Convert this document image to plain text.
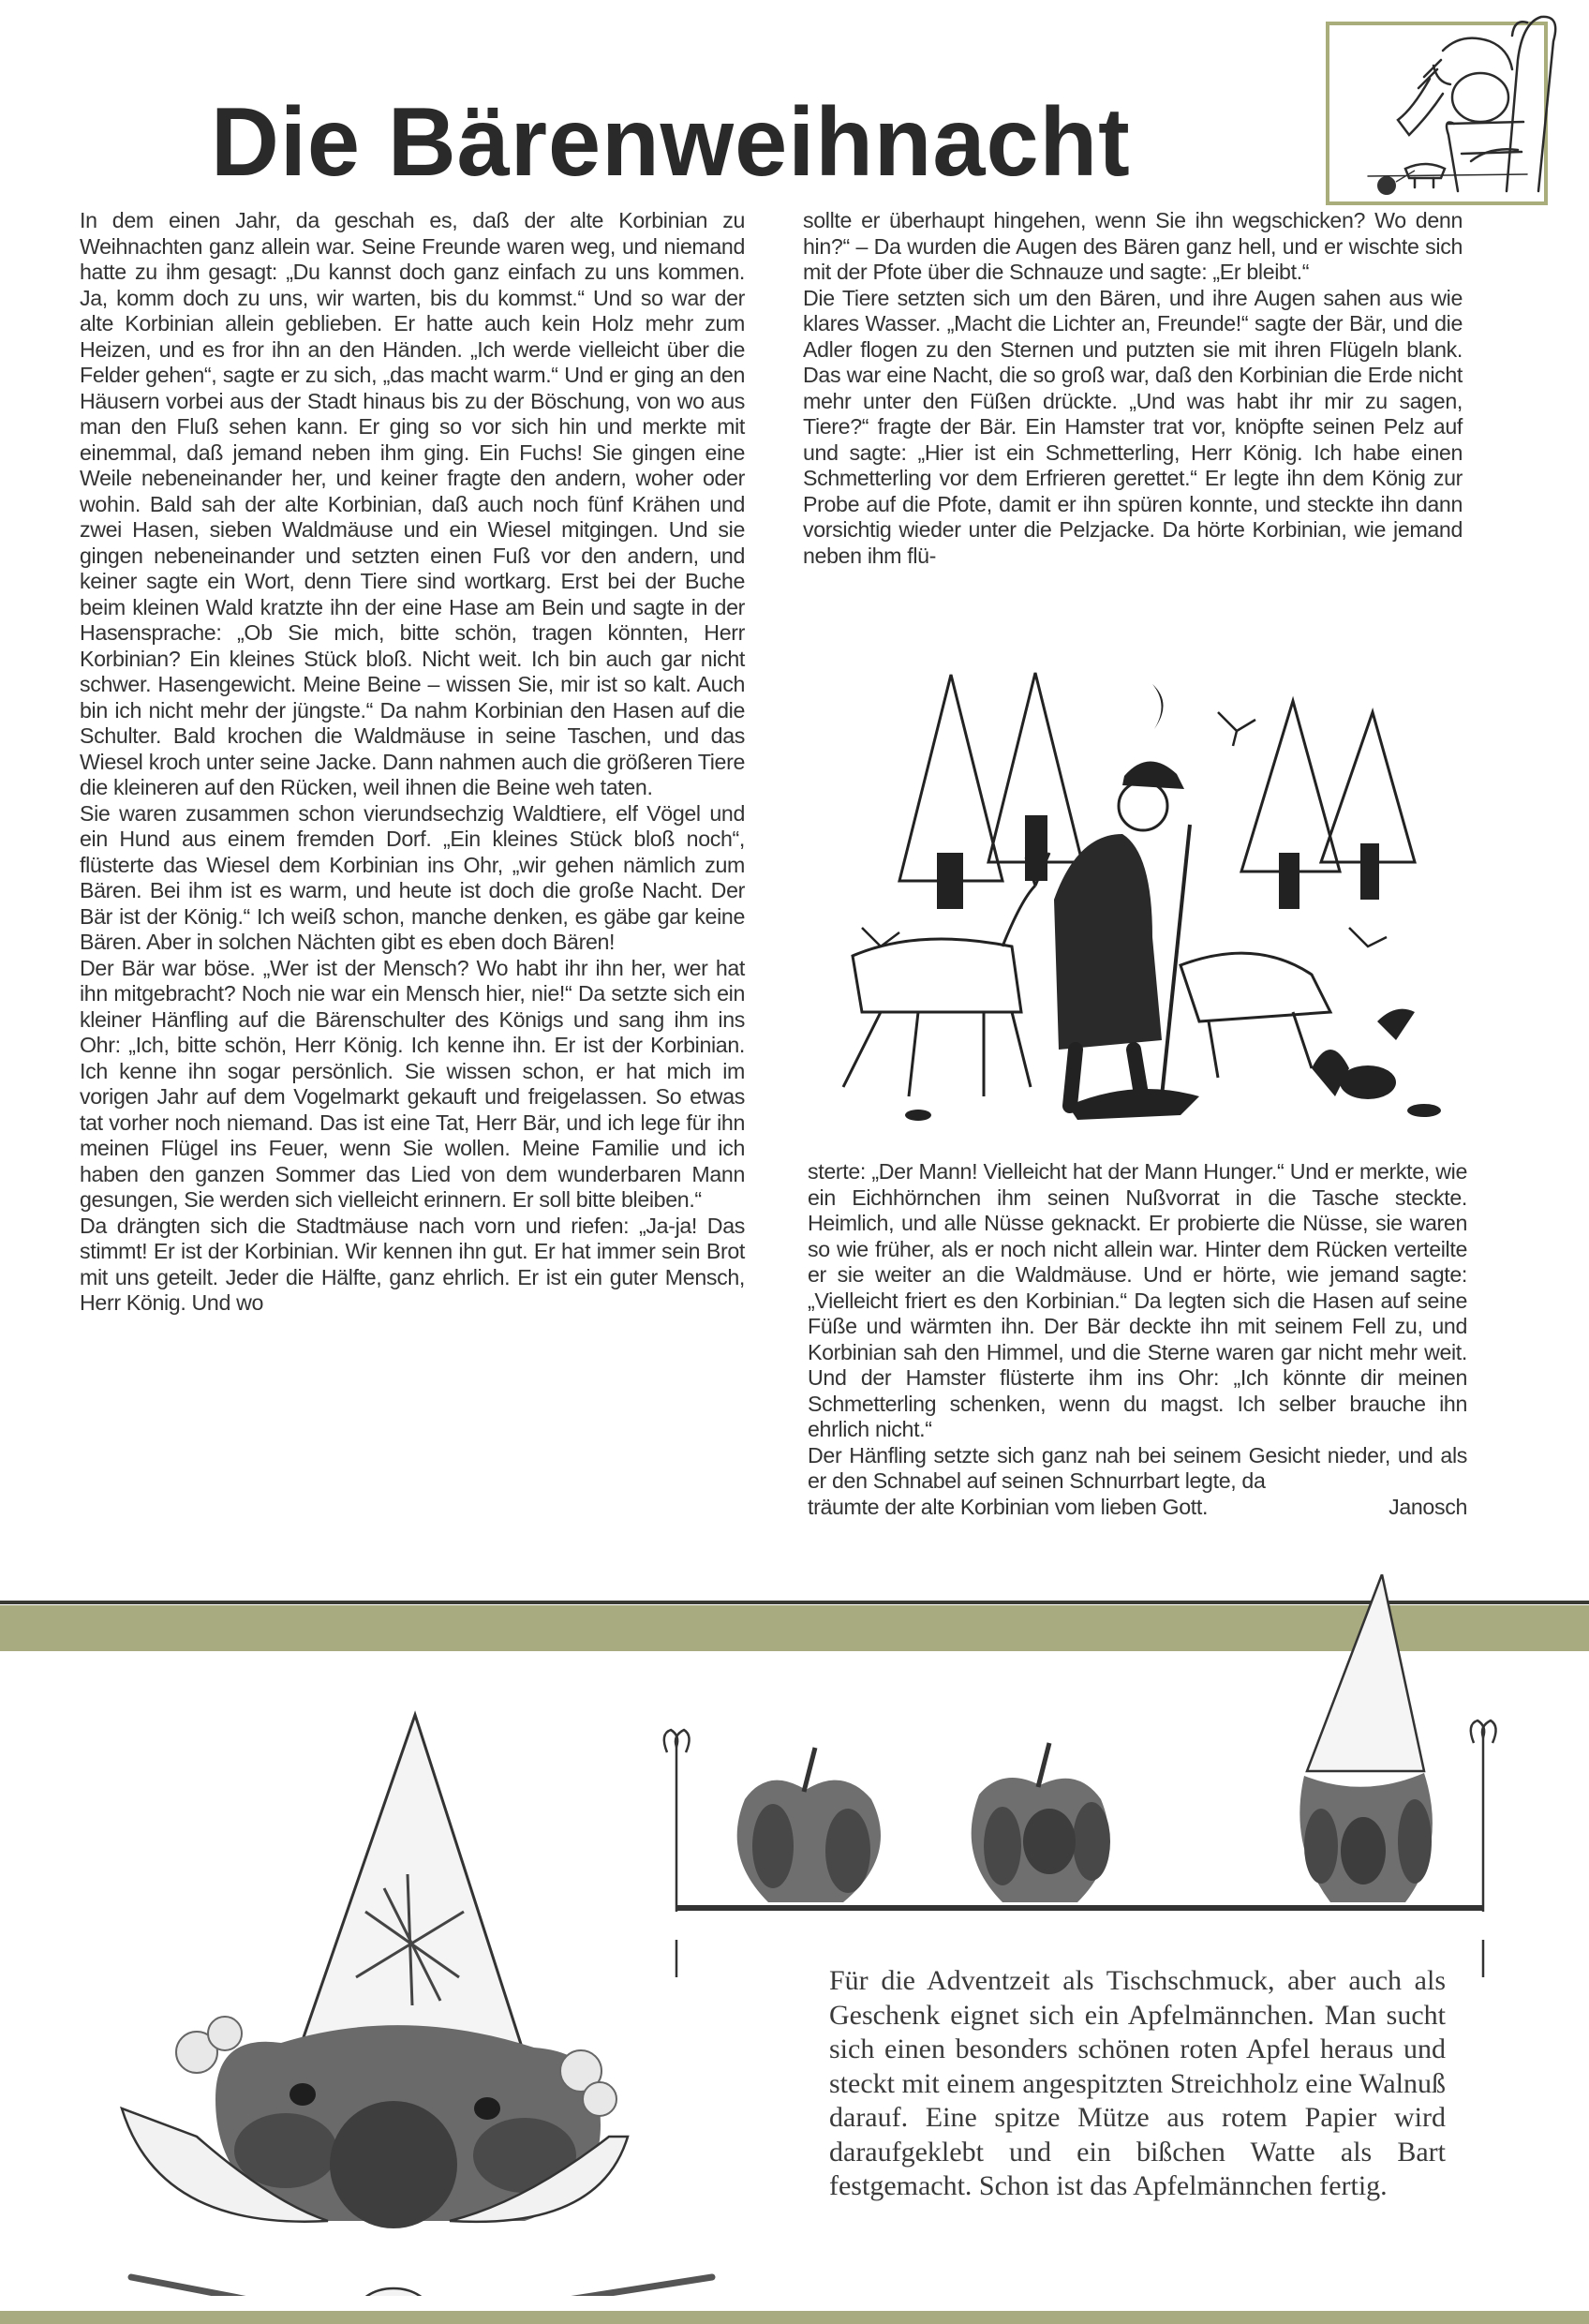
Die Bärenweihnacht

In dem einen Jahr, da geschah es, daß der alte Korbinian zu Weihnachten ganz allein war. Seine Freunde waren weg, und niemand hatte zu ihm gesagt: „Du kannst doch ganz einfach zu uns kommen. Ja, komm doch zu uns, wir warten, bis du kommst.“ Und so war der alte Korbinian allein geblieben. Er hatte auch kein Holz mehr zum Heizen, und es fror ihn an den Händen. „Ich werde vielleicht über die Felder gehen“, sagte er zu sich, „das macht warm.“ Und er ging an den Häusern vorbei aus der Stadt hinaus bis zu der Böschung, von wo aus man den Fluß sehen kann. Er ging so vor sich hin und merkte mit einemmal, daß jemand neben ihm ging. Ein Fuchs! Sie gingen eine Weile nebeneinander her, und keiner fragte den andern, woher oder wohin. Bald sah der alte Korbinian, daß auch noch fünf Krähen und zwei Hasen, sieben Waldmäuse und ein Wiesel mitgingen. Und sie gingen nebeneinander und setzten einen Fuß vor den andern, und keiner sagte ein Wort, denn Tiere sind wortkarg. Erst bei der Buche beim kleinen Wald kratzte ihn der eine Hase am Bein und sagte in der Hasensprache: „Ob Sie mich, bitte schön, tragen könnten, Herr Korbinian? Ein kleines Stück bloß. Nicht weit. Ich bin auch gar nicht schwer. Hasengewicht. Meine Beine – wissen Sie, mir ist so kalt. Auch bin ich nicht mehr der jüngste.“ Da nahm Korbinian den Hasen auf die Schulter. Bald krochen die Waldmäuse in seine Taschen, und das Wiesel kroch unter seine Jacke. Dann nahmen auch die größeren Tiere die kleineren auf den Rücken, weil ihnen die Beine weh taten.

Sie waren zusammen schon vierundsechzig Waldtiere, elf Vögel und ein Hund aus einem fremden Dorf. „Ein kleines Stück bloß noch“, flüsterte das Wiesel dem Korbinian ins Ohr, „wir gehen nämlich zum Bären. Bei ihm ist es warm, und heute ist doch die große Nacht. Der Bär ist der König.“ Ich weiß schon, manche denken, es gäbe gar keine Bären. Aber in solchen Nächten gibt es eben doch Bären!

Der Bär war böse. „Wer ist der Mensch? Wo habt ihr ihn her, wer hat ihn mitgebracht? Noch nie war ein Mensch hier, nie!“ Da setzte sich ein kleiner Hänfling auf die Bärenschulter des Königs und sang ihm ins Ohr: „Ich, bitte schön, Herr König. Ich kenne ihn. Er ist der Korbinian. Ich kenne ihn sogar persönlich. Sie wissen schon, er hat mich im vorigen Jahr auf dem Vogelmarkt gekauft und freigelassen. So etwas tat vorher noch niemand. Das ist eine Tat, Herr Bär, und ich lege für ihn meinen Flügel ins Feuer, wenn Sie wollen. Meine Familie und ich haben den ganzen Sommer das Lied von dem wunderbaren Mann gesungen, Sie werden sich vielleicht erinnern. Er soll bitte bleiben.“

Da drängten sich die Stadtmäuse nach vorn und riefen: „Ja-ja! Das stimmt! Er ist der Korbinian. Wir kennen ihn gut. Er hat immer sein Brot mit uns geteilt. Jeder die Hälfte, ganz ehrlich. Er ist ein guter Mensch, Herr König. Und wo

sollte er überhaupt hingehen, wenn Sie ihn wegschicken? Wo denn hin?“ – Da wurden die Augen des Bären ganz hell, und er wischte sich mit der Pfote über die Schnauze und sagte: „Er bleibt.“

Die Tiere setzten sich um den Bären, und ihre Augen sahen aus wie klares Wasser. „Macht die Lichter an, Freunde!“ sagte der Bär, und die Adler flogen zu den Sternen und putzten sie mit ihren Flügeln blank. Das war eine Nacht, die so groß war, daß den Korbinian die Erde nicht mehr unter den Füßen drückte. „Und was habt ihr mir zu sagen, Tiere?“ fragte der Bär. Ein Hamster trat vor, knöpfte seinen Pelz auf und sagte: „Hier ist ein Schmetterling, Herr König. Ich habe einen Schmetterling vor dem Erfrieren gerettet.“ Er legte ihn dem König zur Probe auf die Pfote, damit er ihn spüren konnte, und steckte ihn dann vorsichtig wieder unter die Pelzjacke. Da hörte Korbinian, wie jemand neben ihm flü-

sterte: „Der Mann! Vielleicht hat der Mann Hunger.“ Und er merkte, wie ein Eichhörnchen ihm seinen Nußvorrat in die Tasche steckte. Heimlich, und alle Nüsse geknackt. Er probierte die Nüsse, sie waren so wie früher, als er noch nicht allein war. Hinter dem Rücken verteilte er sie weiter an die Waldmäuse. Und er hörte, wie jemand sagte: „Vielleicht friert es den Korbinian.“ Da legten sich die Hasen auf seine Füße und wärmten ihn. Der Bär deckte ihn mit seinem Fell zu, und Korbinian sah den Himmel, und die Sterne waren gar nicht mehr weit. Und der Hamster flüsterte ihm ins Ohr: „Ich könnte dir meinen Schmetterling schenken, wenn du magst. Ich selber brauche ihn ehrlich nicht.“

Der Hänfling setzte sich ganz nah bei seinem Gesicht nieder, und als er den Schnabel auf seinen Schnurrbart legte, da

träumte der alte Korbinian vom lieben Gott.	Janosch

Für die Adventzeit als Tischschmuck, aber auch als Geschenk eignet sich ein Apfelmännchen. Man sucht sich einen besonders schönen roten Apfel heraus und steckt mit einem angespitzten Streichholz eine Walnuß darauf. Eine spitze Mütze aus rotem Papier wird daraufgeklebt und ein bißchen Watte als Bart festgemacht. Schon ist das Apfelmännchen fertig.
